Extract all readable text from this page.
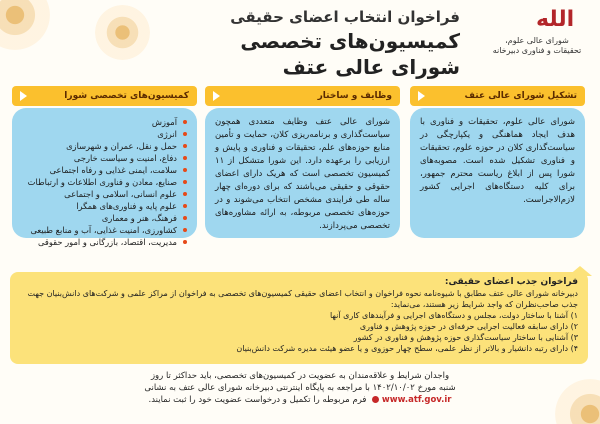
فراخوان انتخاب اعضای حقیقی

کمیسیون‌های تخصصی شورای عالی عتف

الله
شورای عالی علوم، تحقیقات و فناوری دبیرخانه
تشکیل شورای عالی عتف
شورای عالی علوم، تحقیقات و فناوری با هدف ایجاد هماهنگی و یکپارچگی در سیاست‌گذاری کلان در حوزه علوم، تحقیقات و فناوری تشکیل شده است. مصوبه‌های شورا پس از ابلاغ ریاست محترم جمهور، برای کلیه دستگاه‌های اجرایی کشور لازم‌الاجراست.
وظایف و ساختار
شورای عالی عتف وظایف متعددی همچون سیاست‌گذاری و برنامه‌ریزی کلان، حمایت و تأمین منابع حوزه‌های علم، تحقیقات و فناوری و پایش و ارزیابی را برعهده دارد. این شورا متشکل از ۱۱ کمیسیون تخصصی است که هریک دارای اعضای حقوقی و حقیقی می‌باشند که برای دوره‌ای چهار ساله طی فرایندی مشخص انتخاب می‌شوند و در حوزه‌های تخصصی مربوطه، به ارائه مشاوره‌های تخصصی می‌پردازند.
کمیسیون‌های تخصصی شورا
آموزش
انرژی
حمل و نقل، عمران و شهرسازی
دفاع، امنیت و سیاست خارجی
سلامت، ایمنی غذایی و رفاه اجتماعی
صنایع، معادن و فناوری اطلاعات و ارتباطات
علوم انسانی، اسلامی و اجتماعی
علوم پایه و فناوری‌های همگرا
فرهنگ، هنر و معماری
کشاورزی، امنیت غذایی، آب و منابع طبیعی
مدیریت، اقتصاد، بازرگانی و امور حقوقی
فراخوان جذب اعضای حقیقی:

دبیرخانه شورای عالی عتف مطابق با شیوه‌نامه نحوه فراخوان و انتخاب اعضای حقیقی کمیسیون‌های تخصصی به فراخوان از مراکز علمی و شرکت‌های دانش‌بنیان جهت جذب صاحب‌نظران که واجد شرایط زیر هستند، می‌نماید:

۱) آشنا با ساختار دولت، مجلس و دستگاه‌های اجرایی و فرآیندهای کاری آنها

۲) دارای سابقه فعالیت اجرایی حرفه‌ای در حوزه پژوهش و فناوری

۳) آشنایی با ساختار سیاست‌گذاری حوزه پژوهش و فناوری در کشور

۴) دارای رتبه دانشیار و بالاتر از نظر علمی، سطح چهار حوزوی و یا عضو هیئت مدیره شرکت دانش‌بنیان

واجدان شرایط و علاقه‌مندان به عضویت در کمیسیون‌های تخصصی، باید حداکثر تا روز
شنبه مورخ ۱۴۰۲/۱۰/۰۲ با مراجعه به پایگاه اینترنتی دبیرخانه شورای عالی عتف به نشانی
www.atf.gov.ir  فرم مربوطه را تکمیل و درخواست عضویت خود را ثبت نمایند.
